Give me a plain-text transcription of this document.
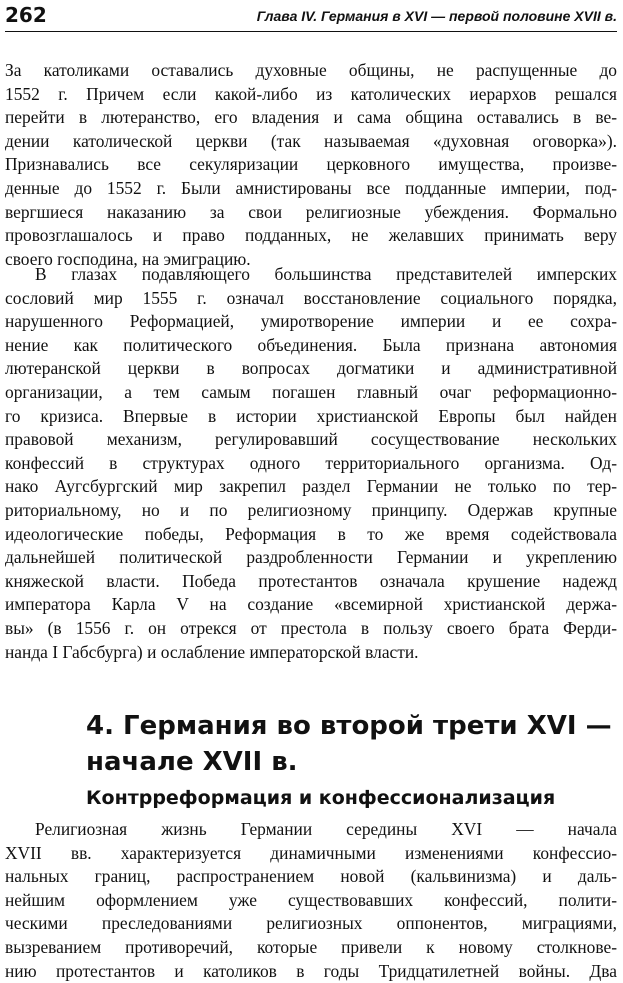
262	Глава IV. Германия в XVI — первой половине XVII в.
За католиками оставались духовные общины, не распущенные до
1552 г. Причем если какой-либо из католических иерархов решался
перейти в лютеранство, его владения и сама община оставались в ве-
дении католической церкви (так называемая «духовная оговорка»).
Признавались все секуляризации церковного имущества, произве-
денные до 1552 г. Были амнистированы все подданные империи, под-
вергшиеся наказанию за свои религиозные убеждения. Формально
провозглашалось и право подданных, не желавших принимать веру
своего господина, на эмиграцию.
В глазах подавляющего большинства представителей имперских
сословий мир 1555 г. означал восстановление социального порядка,
нарушенного Реформацией, умиротворение империи и ее сохра-
нение как политического объединения. Была признана автономия
лютеранской церкви в вопросах догматики и административной
организации, а тем самым погашен главный очаг реформационно-
го кризиса. Впервые в истории христианской Европы был найден
правовой механизм, регулировавший сосуществование нескольких
конфессий в структурах одного территориального организма. Од-
нако Аугсбургский мир закрепил раздел Германии не только по тер-
риториальному, но и по религиозному принципу. Одержав крупные
идеологические победы, Реформация в то же время содействовала
дальнейшей политической раздробленности Германии и укреплению
княжеской власти. Победа протестантов означала крушение надежд
императора Карла V на создание «всемирной христианской держа-
вы» (в 1556 г. он отрекся от престола в пользу своего брата Ферди-
нанда I Габсбурга) и ослабление императорской власти.
4. Германия во второй трети XVI —
начале XVII в.
Контрреформация и конфессионализация
Религиозная жизнь Германии середины XVI — начала
XVII вв. характеризуется динамичными изменениями конфессио-
нальных границ, распространением новой (кальвинизма) и даль-
нейшим оформлением уже существовавших конфессий, полити-
ческими преследованиями религиозных оппонентов, миграциями,
вызреванием противоречий, которые привели к новому столкнове-
нию протестантов и католиков в годы Тридцатилетней войны. Два
